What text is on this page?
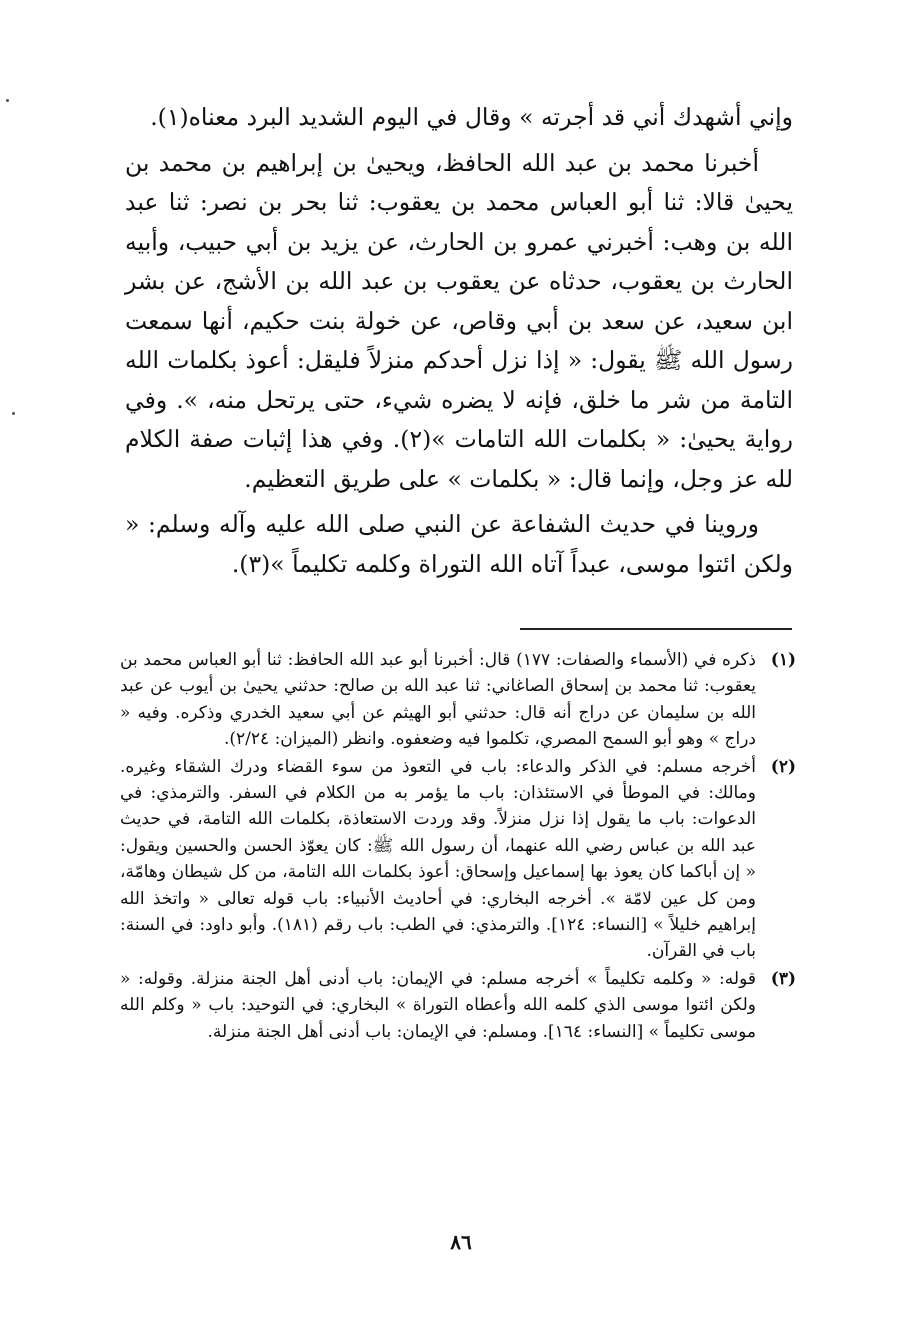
وإني أشهدك أني قد أجرته » وقال في اليوم الشديد البرد معناه(١).

أخبرنا محمد بن عبد الله الحافظ، ويحيىٰ بن إبراهيم بن محمد بن يحيىٰ قالا: ثنا أبو العباس محمد بن يعقوب: ثنا بحر بن نصر: ثنا عبد الله بن وهب: أخبرني عمرو بن الحارث، عن يزيد بن أبي حبيب، وأبيه الحارث بن يعقوب، حدثاه عن يعقوب بن عبد الله بن الأشج، عن بشر ابن سعيد، عن سعد بن أبي وقاص، عن خولة بنت حكيم، أنها سمعت رسول الله ﷺ يقول: « إذا نزل أحدكم منزلاً فليقل: أعوذ بكلمات الله التامة من شر ما خلق، فإنه لا يضره شيء، حتى يرتحل منه، ». وفي رواية يحيىٰ: « بكلمات الله التامات »(٢). وفي هذا إثبات صفة الكلام لله عز وجل، وإنما قال: « بكلمات » على طريق التعظيم.

وروينا في حديث الشفاعة عن النبي صلى الله عليه وآله وسلم: « ولكن ائتوا موسى، عبداً آتاه الله التوراة وكلمه تكليماً »(٣).

(١)
ذكره في (الأسماء والصفات: ١٧٧) قال: أخبرنا أبو عبد الله الحافظ: ثنا أبو العباس محمد بن يعقوب: ثنا محمد بن إسحاق الصاغاني: ثنا عبد الله بن صالح: حدثني يحيىٰ بن أيوب عن عبد الله بن سليمان عن دراج أنه قال: حدثني أبو الهيثم عن أبي سعيد الخدري وذكره. وفيه « دراج » وهو أبو السمح المصري، تكلموا فيه وضعفوه. وانظر (الميزان: ٢/٢٤).
(٢)
أخرجه مسلم: في الذكر والدعاء: باب في التعوذ من سوء القضاء ودرك الشقاء وغيره. ومالك: في الموطأ في الاستئذان: باب ما يؤمر به من الكلام في السفر. والترمذي: في الدعوات: باب ما يقول إذا نزل منزلاً. وقد وردت الاستعاذة، بكلمات الله التامة، في حديث عبد الله بن عباس رضي الله عنهما، أن رسول الله ﷺ: كان يعوّذ الحسن والحسين ويقول: « إن أباكما كان يعوذ بها إسماعيل وإسحاق: أعوذ بكلمات الله التامة، من كل شيطان وهامّة، ومن كل عين لامّة ». أخرجه البخاري: في أحاديث الأنبياء: باب قوله تعالى « واتخذ الله إبراهيم خليلاً » [النساء: ١٢٤]. والترمذي: في الطب: باب رقم (١٨١). وأبو داود: في السنة: باب في القرآن.
(٣)
قوله: « وكلمه تكليماً » أخرجه مسلم: في الإيمان: باب أدنى أهل الجنة منزلة. وقوله: « ولكن ائتوا موسى الذي كلمه الله وأعطاه التوراة » البخاري: في التوحيد: باب « وكلم الله موسى تكليماً » [النساء: ١٦٤]. ومسلم: في الإيمان: باب أدنى أهل الجنة منزلة.
٨٦
